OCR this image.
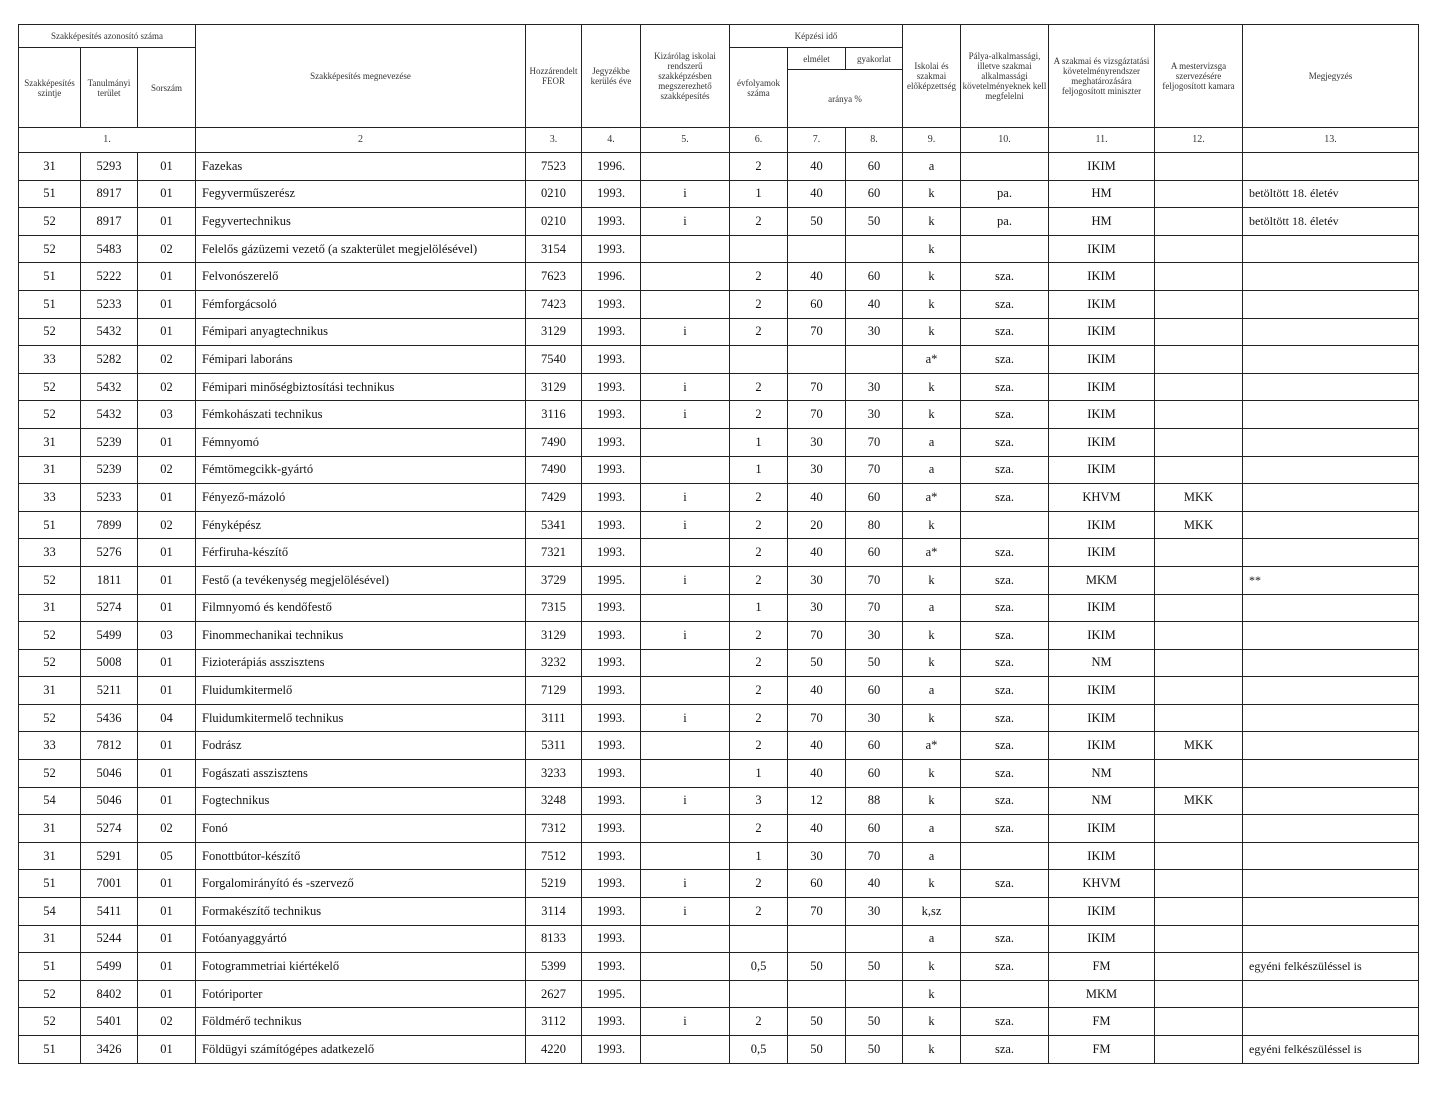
Szakképesítés azonosító száma			Szakképesítés megnevezése	Hozzárendelt FEOR	Jegyzékbe kerülés éve	Kizárólag iskolai rendszerű szakképzésben megszerezhető szakképesítés	Képzési idő			Iskolai és szakmai előképzettség	Pálya-alkalmassági, illetve szakmai alkalmassági követelményeknek kell megfelelni	A szakmai és vizsgáztatási követelményrendszer meghatározására feljogosított miniszter	A mestervizsga szervezésére feljogosított kamara	Megjegyzés
Szakképesítés szintje	Tanulmányi terület	Sorszám					évfolyamok száma	elmélet	gyakorlat					
								aránya %						
1.			2	3.	4.	5.	6.	7.	8.	9.	10.	11.	12.	13.
31	5293	01	Fazekas	7523	1996.		2	40	60	a		IKIM		
51	8917	01	Fegyverműszerész	0210	1993.	i	1	40	60	k	pa.	HM		betöltött 18. életév
52	8917	01	Fegyvertechnikus	0210	1993.	i	2	50	50	k	pa.	HM		betöltött 18. életév
52	5483	02	Felelős gázüzemi vezető (a szakterület megjelölésével)	3154	1993.					k		IKIM		
51	5222	01	Felvonószerelő	7623	1996.		2	40	60	k	sza.	IKIM		
51	5233	01	Fémforgácsoló	7423	1993.		2	60	40	k	sza.	IKIM		
52	5432	01	Fémipari anyagtechnikus	3129	1993.	i	2	70	30	k	sza.	IKIM		
33	5282	02	Fémipari laboráns	7540	1993.					a*	sza.	IKIM		
52	5432	02	Fémipari minőségbiztosítási technikus	3129	1993.	i	2	70	30	k	sza.	IKIM		
52	5432	03	Fémkohászati technikus	3116	1993.	i	2	70	30	k	sza.	IKIM		
31	5239	01	Fémnyomó	7490	1993.		1	30	70	a	sza.	IKIM		
31	5239	02	Fémtömegcikk-gyártó	7490	1993.		1	30	70	a	sza.	IKIM		
33	5233	01	Fényező-mázoló	7429	1993.	i	2	40	60	a*	sza.	KHVM	MKK	
51	7899	02	Fényképész	5341	1993.	i	2	20	80	k		IKIM	MKK	
33	5276	01	Férfiruha-készítő	7321	1993.		2	40	60	a*	sza.	IKIM		
52	1811	01	Festő (a tevékenység megjelölésével)	3729	1995.	i	2	30	70	k	sza.	MKM		**
31	5274	01	Filmnyomó és kendőfestő	7315	1993.		1	30	70	a	sza.	IKIM		
52	5499	03	Finommechanikai technikus	3129	1993.	i	2	70	30	k	sza.	IKIM		
52	5008	01	Fizioterápiás asszisztens	3232	1993.		2	50	50	k	sza.	NM		
31	5211	01	Fluidumkitermelő	7129	1993.		2	40	60	a	sza.	IKIM		
52	5436	04	Fluidumkitermelő technikus	3111	1993.	i	2	70	30	k	sza.	IKIM		
33	7812	01	Fodrász	5311	1993.		2	40	60	a*	sza.	IKIM	MKK	
52	5046	01	Fogászati asszisztens	3233	1993.		1	40	60	k	sza.	NM		
54	5046	01	Fogtechnikus	3248	1993.	i	3	12	88	k	sza.	NM	MKK	
31	5274	02	Fonó	7312	1993.		2	40	60	a	sza.	IKIM		
31	5291	05	Fonottbútor-készítő	7512	1993.		1	30	70	a		IKIM		
51	7001	01	Forgalomirányító és -szervező	5219	1993.	i	2	60	40	k	sza.	KHVM		
54	5411	01	Formakészítő technikus	3114	1993.	i	2	70	30	k,sz		IKIM		
31	5244	01	Fotóanyaggyártó	8133	1993.					a	sza.	IKIM		
51	5499	01	Fotogrammetriai kiértékelő	5399	1993.		0,5	50	50	k	sza.	FM		egyéni felkészüléssel is
52	8402	01	Fotóriporter	2627	1995.					k		MKM		
52	5401	02	Földmérő technikus	3112	1993.	i	2	50	50	k	sza.	FM		
51	3426	01	Földügyi számítógépes adatkezelő	4220	1993.		0,5	50	50	k	sza.	FM		egyéni felkészüléssel is
